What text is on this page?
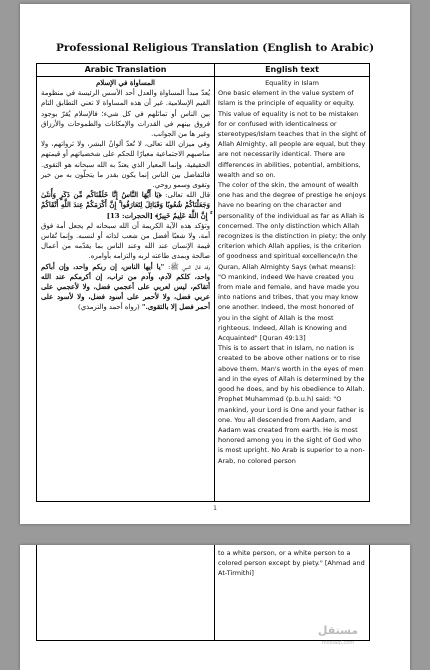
Professional Religious Translation (English to Arabic)
Arabic Translation

المساواة في الإسلام

يُعدّ مبدأ المساواة والعدل أحد الأسس الرئيسة في منظومة القيم الإسلامية. غير أن هذه المساواة لا تعني التطابق التام بين الناس أو تماثلهم في كل شيء؛ فالإسلام يُقرّ بوجود فروق بينهم في القدرات والإمكانات والطموحات والأرزاق وغير ها من الجوانب.

وفي ميزان الله تعالى، لا تُعدّ ألوانُ البشر، ولا ثرواتهم، ولا مناصبهم الاجتماعية معيارًا للحكم على شخصياتهم أو قيمتهم الحقيقية. وإنما المعيار الذي يعتدّ به الله سبحانه هو التقوى. فالتفاضل بين الناس إنما يكون بقدر ما يتحلّون به من خير وتقوى وسمو روحي.

قال الله تعالى: ﴿يَا أَيُّهَا النَّاسُ إِنَّا خَلَقْنَاكُم مِّن ذَكَرٍ وَأُنثَىٰ وَجَعَلْنَاكُمْ شُعُوبًا وَقَبَائِلَ لِتَعَارَفُوا ۚ إِنَّ أَكْرَمَكُمْ عِندَ اللَّهِ أَتْقَاكُمْ ۚ إِنَّ اللَّهَ عَلِيمٌ خَبِيرٌ﴾ [الحجرات: 13]

وتؤكد هذه الآية الكريمة أن الله سبحانه لم يجعل أمة فوق أمة، ولا شعبًا أفضل من شعب لذاته أو لنسبه. وإنما تُقاس قيمة الإنسان عند الله وعند الناس بما يقدّمه من أعمال صالحة وبمدى طاعته لربه والتزامه بأوامره.

وقد قال النبي ﷺ: "يا أيها الناس، إن ربكم واحد، وإن أباكم واحد، كلكم لآدم، وآدم من تراب، إن أكرمكم عند الله أتقاكم، ليس لعربي على أعجمي فضل، ولا لأعجمي على عربي فضل، ولا لأحمر على أسود فضل، ولا لأسود على أحمر فضل إلا بالتقوى." (رواه أحمد والترمذي)

English text

Equality in Islam

One basic element in the value system of Islam is the principle of equality or equity. This value of equality is not to be mistaken for or confused with identicalness or stereotypes/Islam teaches that in the sight of Allah Almighty, all people are equal, but they are not necessarily identical. There are differences in abilities, potential, ambitions, wealth and so on.

The color of the skin, the amount of wealth one has and the degree of prestige he enjoys have no bearing on the character and personality of the individual as far as Allah is concerned. The only distinction which Allah recognizes is the distinction in piety; the only criterion which Allah applies, is the criterion of goodness and spiritual excellence/In the Quran, Allah Almighty Says (what means): "O mankind, indeed We have created you from male and female, and have made you into nations and tribes, that you may know one another. Indeed, the most honored of you in the sight of Allah is the most righteous. Indeed, Allah is Knowing and Acquainted" [Quran 49:13]

This is to assert that in Islam, no nation is created to be above other nations or to rise above them. Man's worth in the eyes of men and in the eyes of Allah is determined by the good he does, and by his obedience to Allah.

Prophet Muhammad (p.b.u.h) said: "O mankind, your Lord is One and your father is one. You all descended from Aadam, and Aadam was created from earth. He is most honored among you in the sight of God who is most upright. No Arab is superior to a non-Arab, no colored person

1

to a white person, or a white person to a colored person except by piety." [Ahmad and At-Tirmithi]

مستقل
mostaql.com
